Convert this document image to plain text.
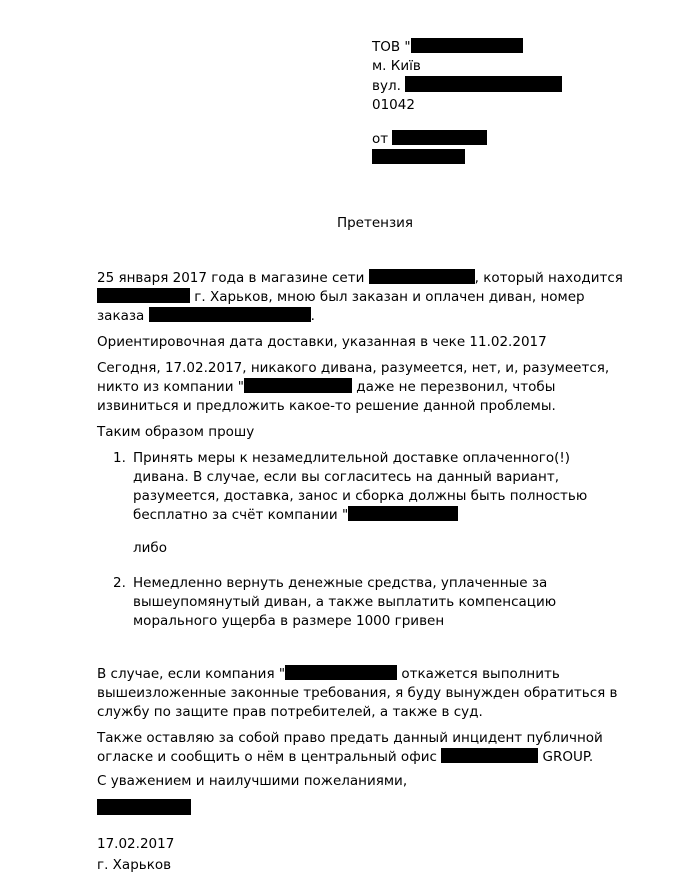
ТОВ "
м. Київ
вул.
01042
от
Претензия

25 января 2017 года в магазине сети	, который находится
г. Харьков, мною был заказан и оплачен диван, номер
заказа	.

Ориентировочная дата доставки, указанная в чеке 11.02.2017

Сегодня, 17.02.2017, никакого дивана, разумеется, нет, и, разумеется,
никто из компании "	даже не перезвонил, чтобы
извиниться и предложить какое-то решение данной проблемы.

Таким образом прошу

1. Принять меры к незамедлительной доставке оплаченного(!)
дивана. В случае, если вы согласитесь на данный вариант,
разумеется, доставка, занос и сборка должны быть полностью
бесплатно за счёт компании "

либо

2. Немедленно вернуть денежные средства, уплаченные за
вышеупомянутый диван, а также выплатить компенсацию
морального ущерба в размере 1000 гривен

В случае, если компания "	откажется выполнить
вышеизложенные законные требования, я буду вынужден обратиться в
службу по защите прав потребителей, а также в суд.

Также оставляю за собой право предать данный инцидент публичной
огласке и сообщить о нём в центральный офис	GROUP.

С уважением и наилучшими пожеланиями,

17.02.2017

г. Харьков
